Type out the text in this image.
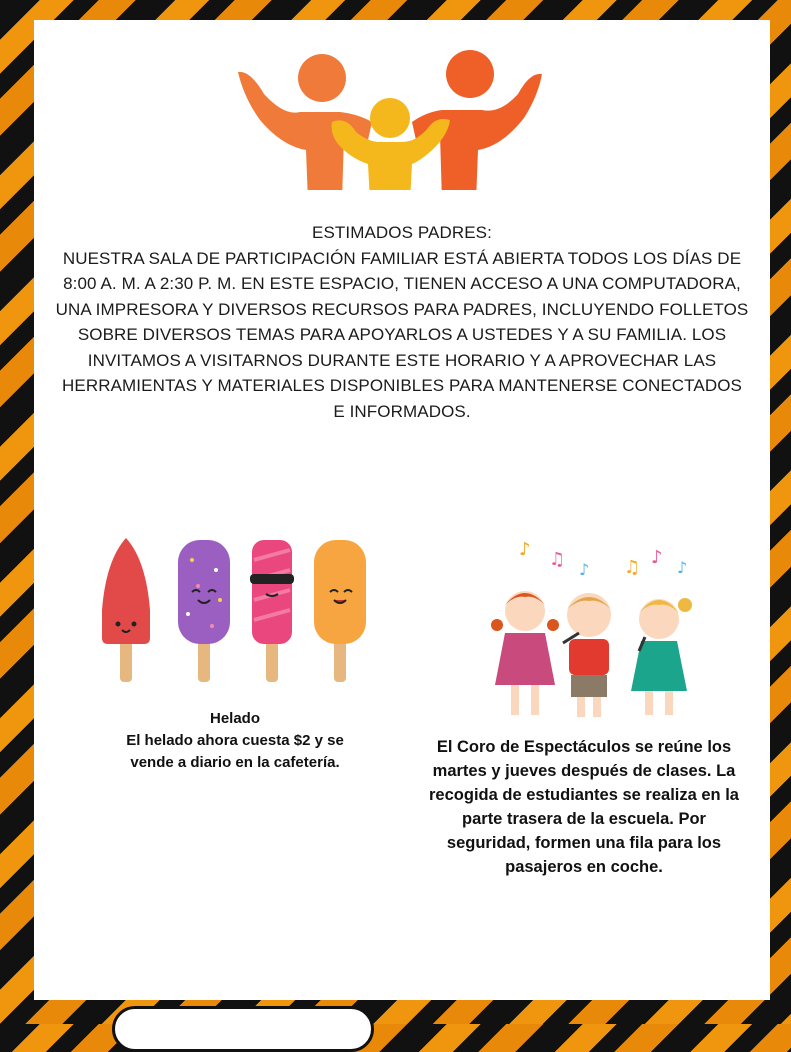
ESTIMADOS PADRES:

NUESTRA SALA DE PARTICIPACIÓN FAMILIAR ESTÁ ABIERTA TODOS LOS DÍAS DE 8:00 A. M. A 2:30 P. M. EN ESTE ESPACIO, TIENEN ACCESO A UNA COMPUTADORA, UNA IMPRESORA Y DIVERSOS RECURSOS PARA PADRES, INCLUYENDO FOLLETOS SOBRE DIVERSOS TEMAS PARA APOYARLOS A USTEDES Y A SU FAMILIA. LOS INVITAMOS A VISITARNOS DURANTE ESTE HORARIO Y A APROVECHAR LAS HERRAMIENTAS Y MATERIALES DISPONIBLES PARA MANTENERSE CONECTADOS E INFORMADOS.

♪ ♫ ♪ ♫ ♪ ♪

Helado

El helado ahora cuesta $2 y se vende a diario en la cafetería.

El Coro de Espectáculos se reúne los martes y jueves después de clases. La recogida de estudiantes se realiza en la parte trasera de la escuela. Por seguridad, formen una fila para los pasajeros en coche.
